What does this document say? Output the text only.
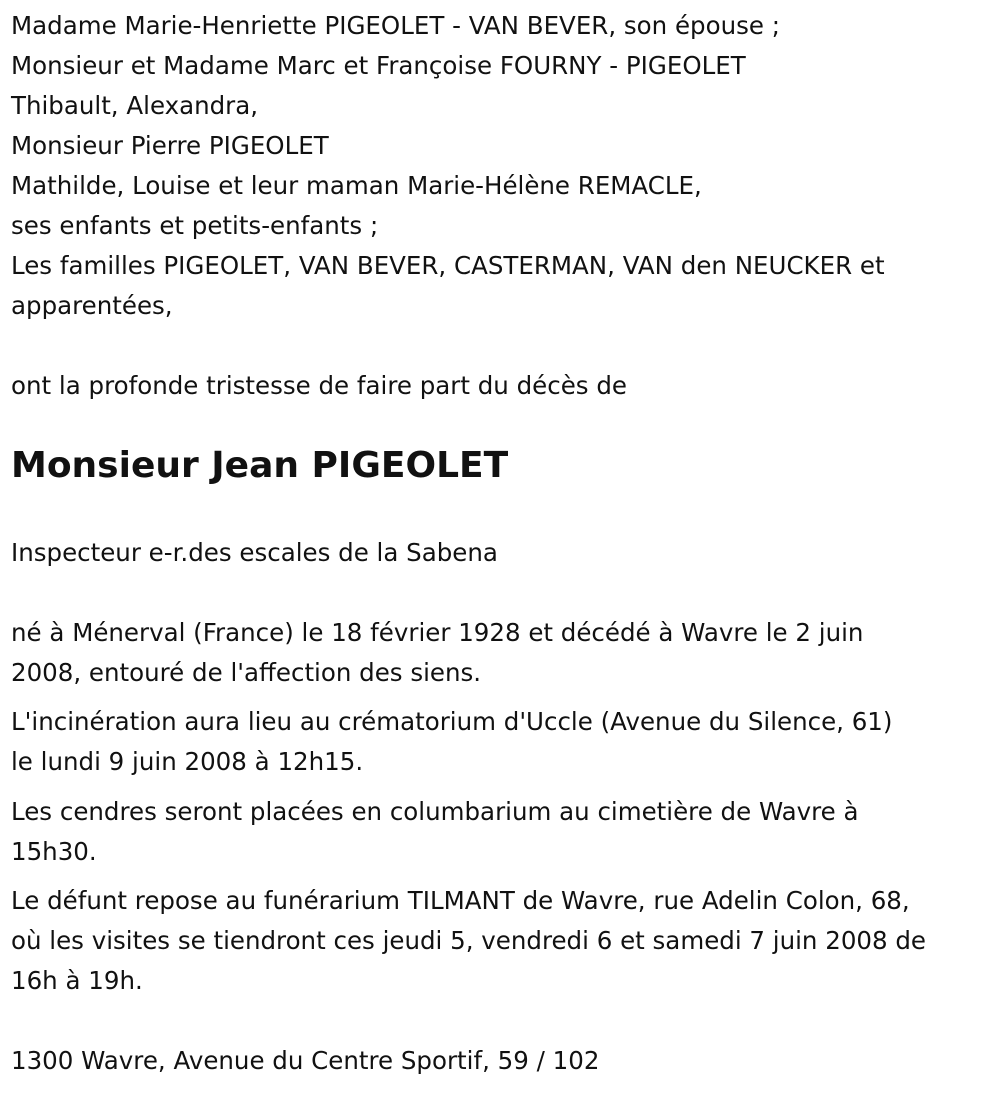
Madame Marie-Henriette PIGEOLET - VAN BEVER, son épouse ;
Monsieur et Madame Marc et Françoise FOURNY - PIGEOLET
Thibault, Alexandra,
Monsieur Pierre PIGEOLET
Mathilde, Louise et leur maman Marie-Hélène REMACLE,
ses enfants et petits-enfants ;
Les familles PIGEOLET, VAN BEVER, CASTERMAN, VAN den NEUCKER et
apparentées,
ont la profonde tristesse de faire part du décès de
Monsieur Jean PIGEOLET
Inspecteur e-r.des escales de la Sabena
né à Ménerval (France) le 18 février 1928 et décédé à Wavre le 2 juin
2008, entouré de l'affection des siens.
L'incinération aura lieu au crématorium d'Uccle (Avenue du Silence, 61)
le lundi 9 juin 2008 à 12h15.
Les cendres seront placées en columbarium au cimetière de Wavre à
15h30.
Le défunt repose au funérarium TILMANT de Wavre, rue Adelin Colon, 68,
où les visites se tiendront ces jeudi 5, vendredi 6 et samedi 7 juin 2008 de
16h à 19h.
1300 Wavre, Avenue du Centre Sportif, 59 / 102
